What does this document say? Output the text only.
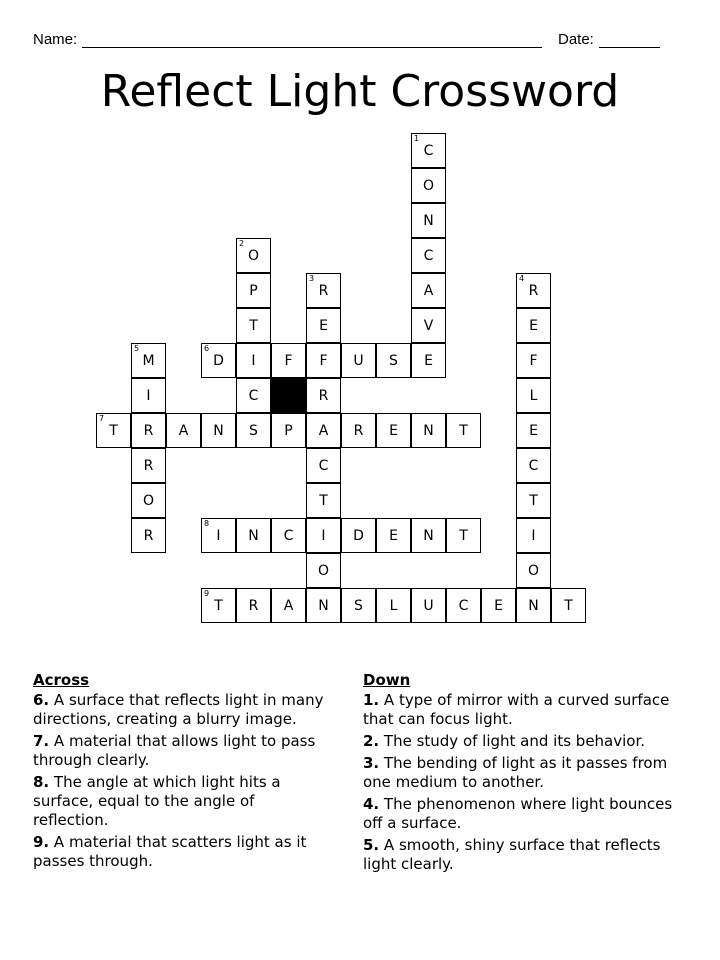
Name:	Date:
Reflect Light Crossword
1
C
O
N
C
A
V
2
O
P
T
C
3
R
E
R
C
T
O
4
R
E
F
L
C
T
I
O
5
M
I
R
O
R
6
D I F F U S E
7
T R A N S P A R E N T	E
8
I N C I D E N T
9
T R A N S L U C E N T
Across
6. A surface that reflects light in many directions, creating a blurry image.
7. A material that allows light to pass through clearly.
8. The angle at which light hits a surface, equal to the angle of reflection.
9. A material that scatters light as it passes through.
Down
1. A type of mirror with a curved surface that can focus light.
2. The study of light and its behavior.
3. The bending of light as it passes from one medium to another.
4. The phenomenon where light bounces off a surface.
5. A smooth, shiny surface that reflects light clearly.
